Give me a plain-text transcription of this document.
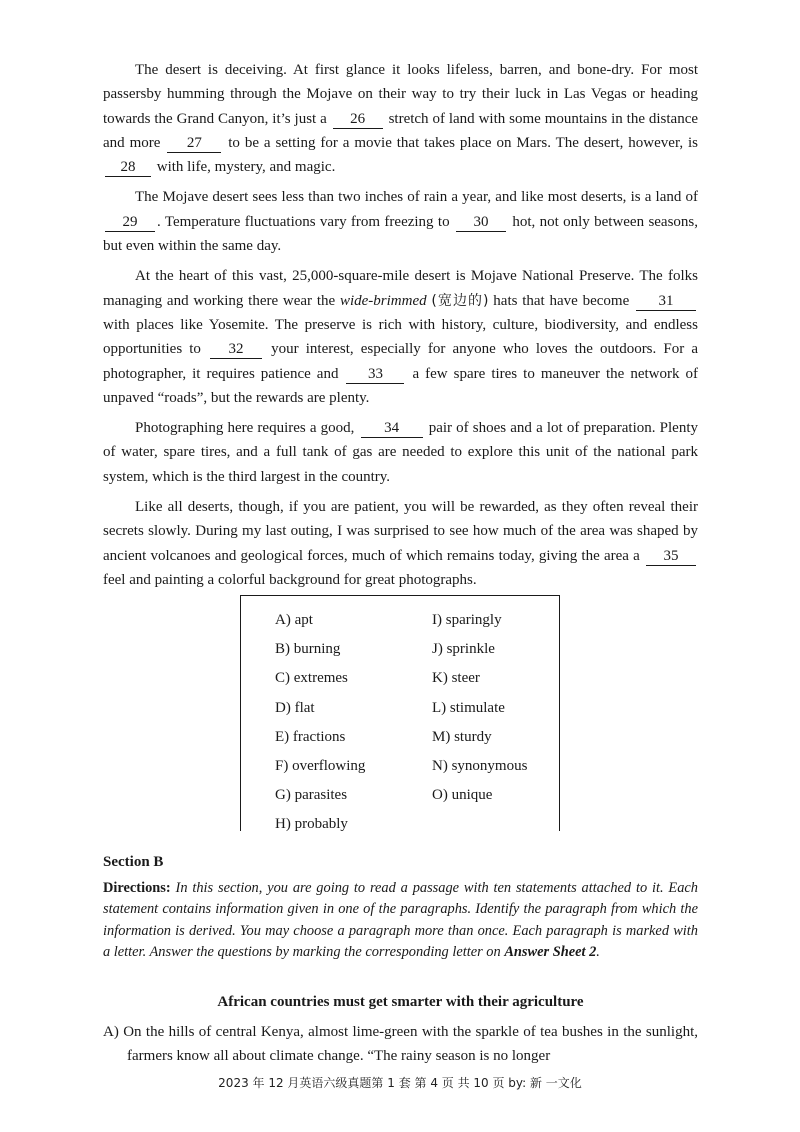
The desert is deceiving. At first glance it looks lifeless, barren, and bone-dry. For most passersby humming through the Mojave on their way to try their luck in Las Vegas or heading towards the Grand Canyon, it’s just a 26 stretch of land with some mountains in the distance and more 27 to be a setting for a movie that takes place on Mars. The desert, however, is 28 with life, mystery, and magic.

The Mojave desert sees less than two inches of rain a year, and like most deserts, is a land of 29 . Temperature fluctuations vary from freezing to 30 hot, not only between seasons, but even within the same day.

At the heart of this vast, 25,000-square-mile desert is Mojave National Preserve. The folks managing and working there wear the wide-brimmed (宽边的) hats that have become 31 with places like Yosemite. The preserve is rich with history, culture, biodiversity, and endless opportunities to 32 your interest, especially for anyone who loves the outdoors. For a photographer, it requires patience and 33 a few spare tires to maneuver the network of unpaved “roads”, but the rewards are plenty.

Photographing here requires a good, 34 pair of shoes and a lot of preparation. Plenty of water, spare tires, and a full tank of gas are needed to explore this unit of the national park system, which is the third largest in the country.

Like all deserts, though, if you are patient, you will be rewarded, as they often reveal their secrets slowly. During my last outing, I was surprised to see how much of the area was shaped by ancient volcanoes and geological forces, much of which remains today, giving the area a 35 feel and painting a colorful background for great photographs.

A) apt
B) burning
C) extremes
D) flat
E) fractions
F) overflowing
G) parasites
H) probably
I) sparingly
J) sprinkle
K) steer
L) stimulate
M) sturdy
N) synonymous
O) unique
Section B
Directions: In this section, you are going to read a passage with ten statements attached to it. Each statement contains information given in one of the paragraphs. Identify the paragraph from which the information is derived. You may choose a paragraph more than once. Each paragraph is marked with a letter. Answer the questions by marking the corresponding letter on Answer Sheet 2.
African countries must get smarter with their agriculture
A) On the hills of central Kenya, almost lime-green with the sparkle of tea bushes in the sunlight, farmers know all about climate change. “The rainy season is no longer
2023 年 12 月英语六级真题第 1 套 第 4 页 共 10 页 by: 新 一文化
